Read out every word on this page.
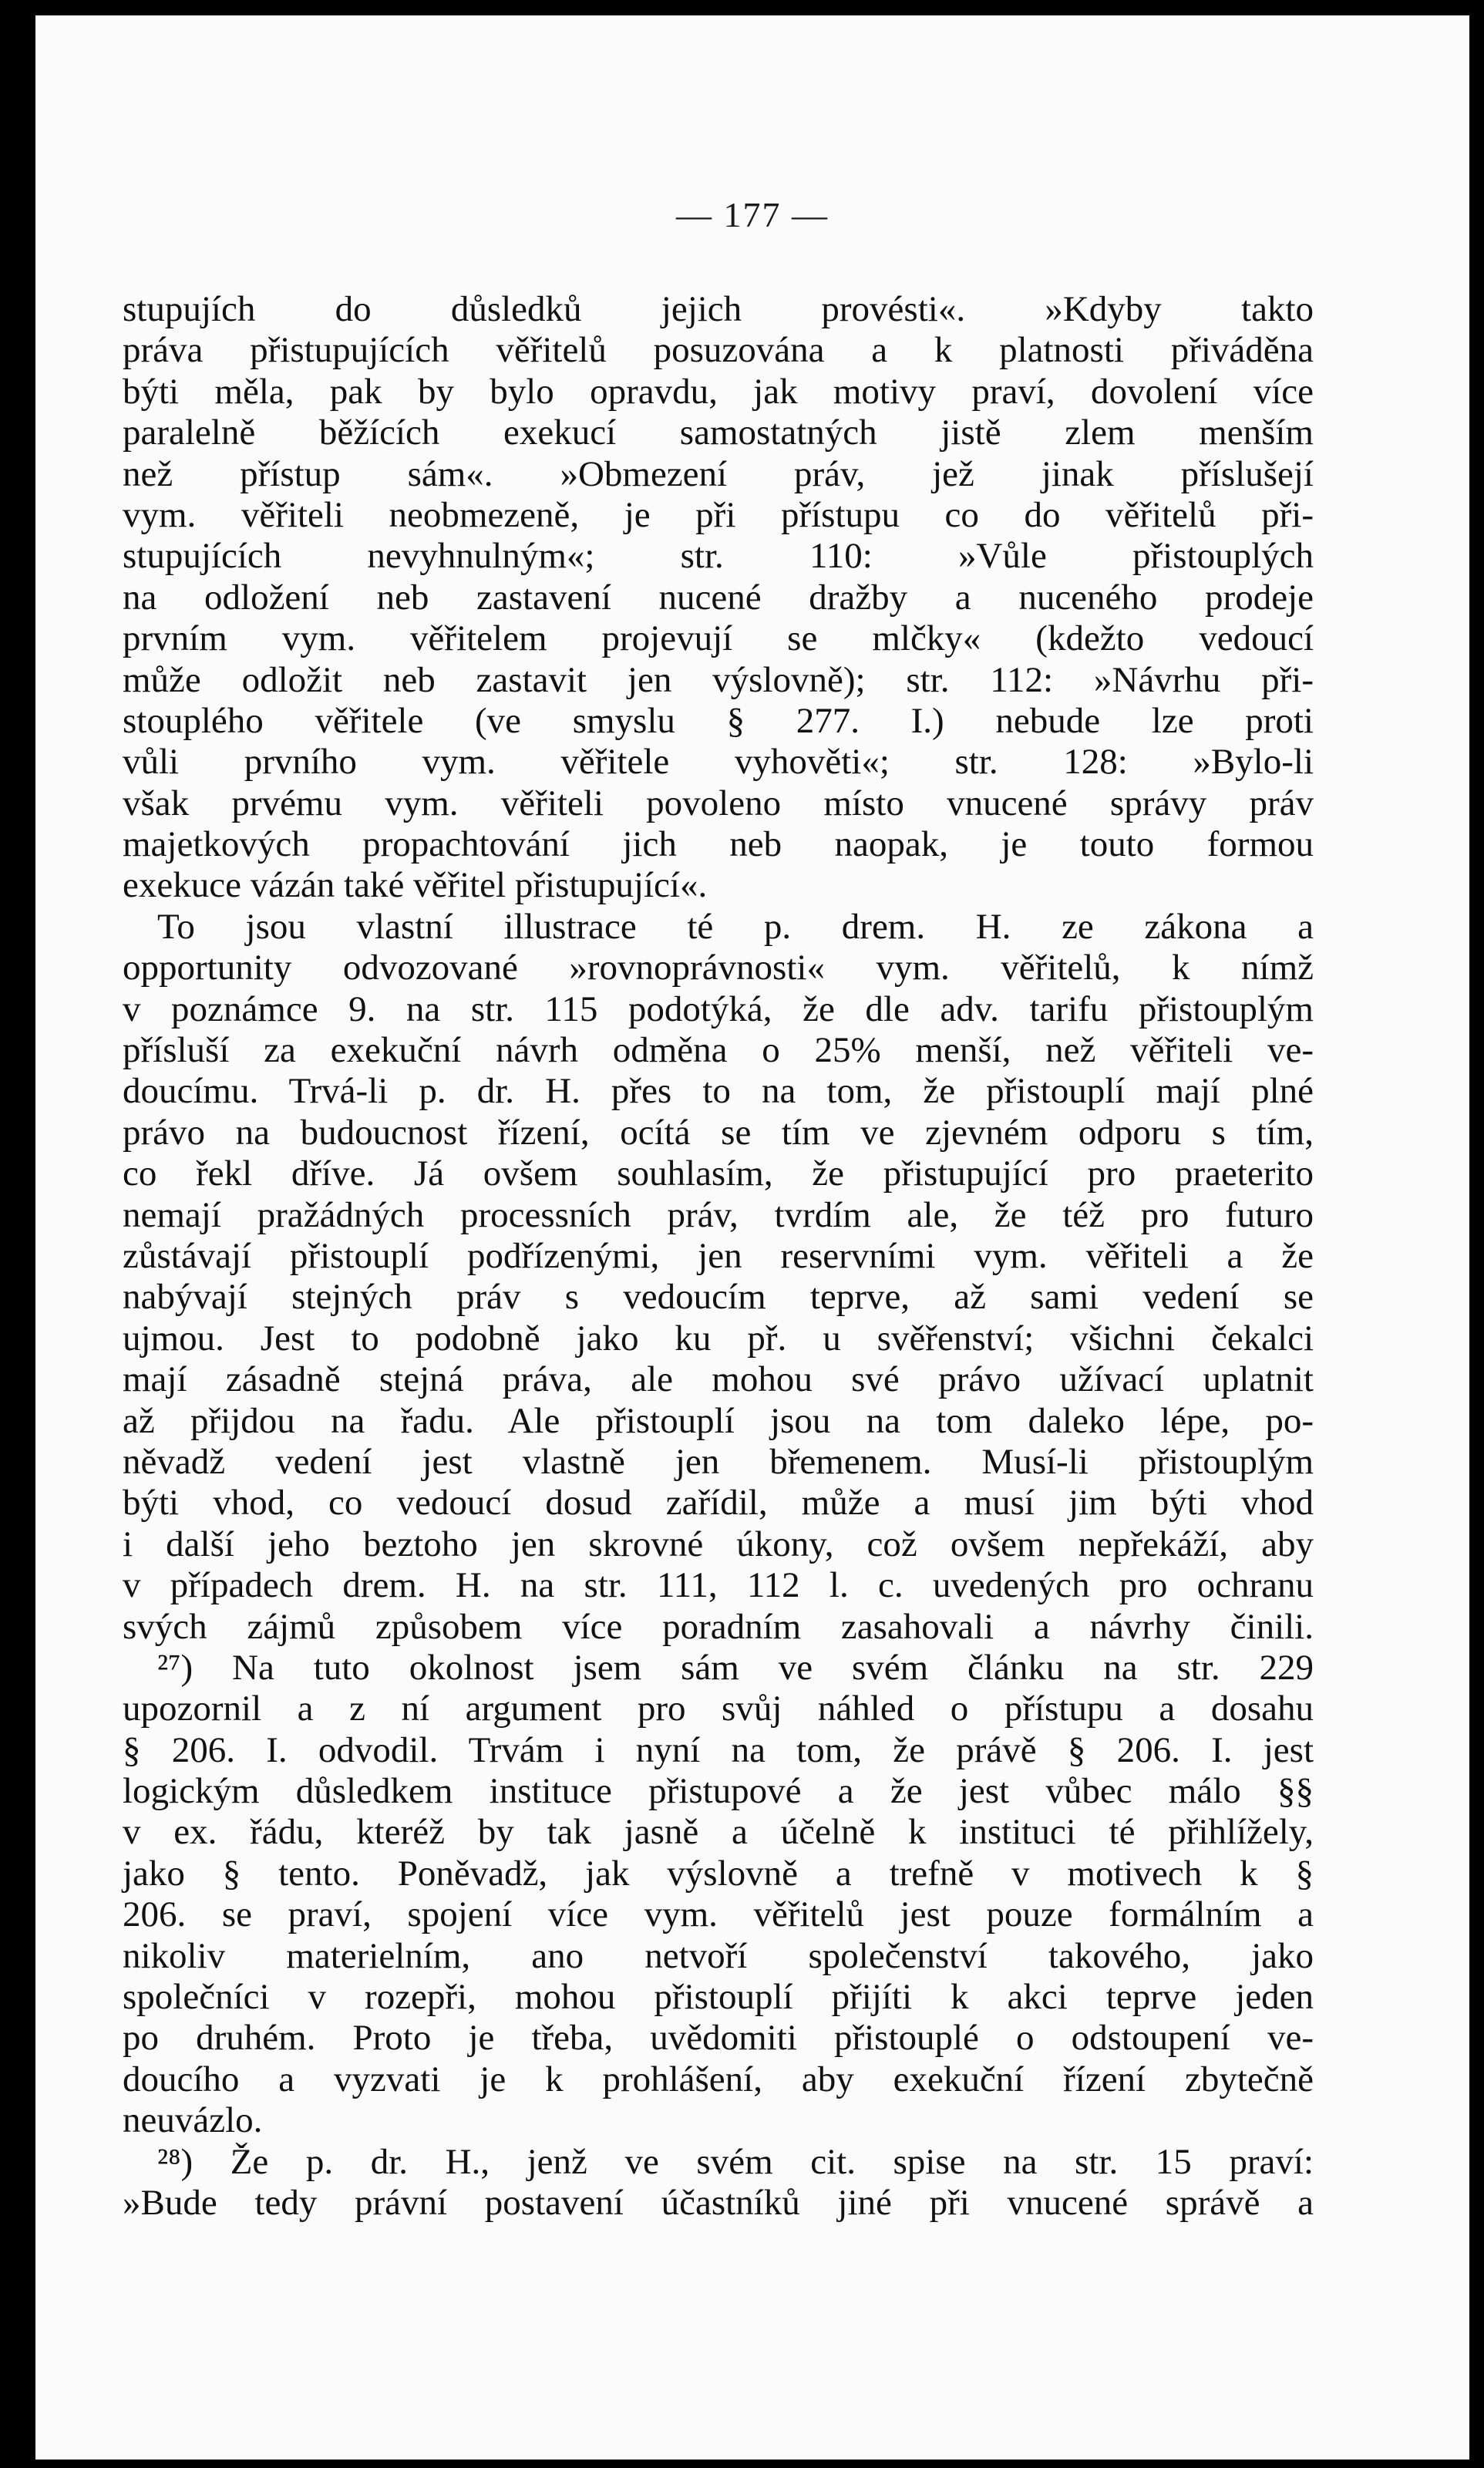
— 177 —
stupujích do důsledků jejich provésti«. »Kdyby takto
práva přistupujících věřitelů posuzována a k platnosti přiváděna
býti měla, pak by bylo opravdu, jak motivy praví, dovolení více
paralelně běžících exekucí samostatných jistě zlem menším
než přístup sám«. »Obmezení práv, jež jinak příslušejí
vym. věřiteli neobmezeně, je při přístupu co do věřitelů při-
stupujících nevyhnulným«; str. 110: »Vůle přistouplých
na odložení neb zastavení nucené dražby a nuceného prodeje
prvním vym. věřitelem projevují se mlčky« (kdežto vedoucí
může odložit neb zastavit jen výslovně); str. 112: »Návrhu při-
stouplého věřitele (ve smyslu § 277. I.) nebude lze proti
vůli prvního vym. věřitele vyhověti«; str. 128: »Bylo-li
však prvému vym. věřiteli povoleno místo vnucené správy práv
majetkových propachtování jich neb naopak, je touto formou
exekuce vázán také věřitel přistupující«.
To jsou vlastní illustrace té p. drem. H. ze zákona a
opportunity odvozované »rovnoprávnosti« vym. věřitelů, k nímž
v poznámce 9. na str. 115 podotýká, že dle adv. tarifu přistouplým
přísluší za exekuční návrh odměna o 25% menší, než věřiteli ve-
doucímu. Trvá-li p. dr. H. přes to na tom, že přistouplí mají plné
právo na budoucnost řízení, ocítá se tím ve zjevném odporu s tím,
co řekl dříve. Já ovšem souhlasím, že přistupující pro praeterito
nemají pražádných processních práv, tvrdím ale, že též pro futuro
zůstávají přistouplí podřízenými, jen reservními vym. věřiteli a že
nabývají stejných práv s vedoucím teprve, až sami vedení se
ujmou. Jest to podobně jako ku př. u svěřenství; všichni čekalci
mají zásadně stejná práva, ale mohou své právo užívací uplatnit
až přijdou na řadu. Ale přistouplí jsou na tom daleko lépe, po-
něvadž vedení jest vlastně jen břemenem. Musí-li přistouplým
býti vhod, co vedoucí dosud zařídil, může a musí jim býti vhod
i další jeho beztoho jen skrovné úkony, což ovšem nepřekáží, aby
v případech drem. H. na str. 111, 112 l. c. uvedených pro ochranu
svých zájmů způsobem více poradním zasahovali a návrhy činili.
²⁷) Na tuto okolnost jsem sám ve svém článku na str. 229
upozornil a z ní argument pro svůj náhled o přístupu a dosahu
§ 206. I. odvodil. Trvám i nyní na tom, že právě § 206. I. jest
logickým důsledkem instituce přistupové a že jest vůbec málo §§
v ex. řádu, kteréž by tak jasně a účelně k instituci té přihlížely,
jako § tento. Poněvadž, jak výslovně a trefně v motivech k §
206. se praví, spojení více vym. věřitelů jest pouze formálním a
nikoliv materielním, ano netvoří společenství takového, jako
společníci v rozepři, mohou přistouplí přijíti k akci teprve jeden
po druhém. Proto je třeba, uvědomiti přistouplé o odstoupení ve-
doucího a vyzvati je k prohlášení, aby exekuční řízení zbytečně
neuvázlo.
²⁸) Že p. dr. H., jenž ve svém cit. spise na str. 15 praví:
»Bude tedy právní postavení účastníků jiné při vnucené správě a
